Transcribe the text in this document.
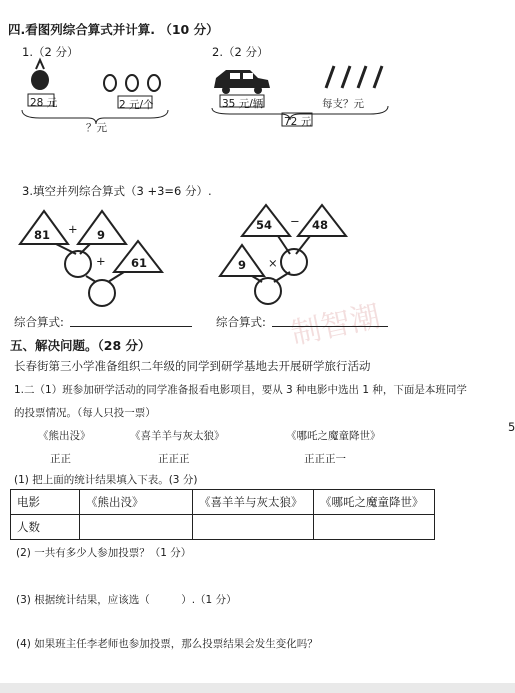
制智潮
四.看图列综合算式并计算. （10 分）
1.（2 分）	2.（2 分）
28 元	2 元/个
？元
35 元/辆	每支？元
72 元
3.填空并列综合算式（3 +3=6 分）.
81 + 9
+ 61
54 − 48
9 ×
综合算式:	综合算式:
五、解决问题。（28 分）
长春街第三小学准备组织二年级的同学到研学基地去开展研学旅行活动
1.二（1）班参加研学活动的同学准备报看电影项目，要从 3 种电影中选出 1 种，下面是本班同学
的投票情况。（每人只投一票）
5
《熊出没》	《喜羊羊与灰太狼》	《哪吒之魔童降世》
正正	正正正	正正正一
(1) 把上面的统计结果填入下表。(3 分)
电影	《熊出没》	《喜羊羊与灰太狼》	《哪吒之魔童降世》
人数			
(2) 一共有多少人参加投票？（1 分）
(3) 根据统计结果，应该选（　　　）.（1 分）
(4) 如果班主任李老师也参加投票，那么投票结果会发生变化吗？
